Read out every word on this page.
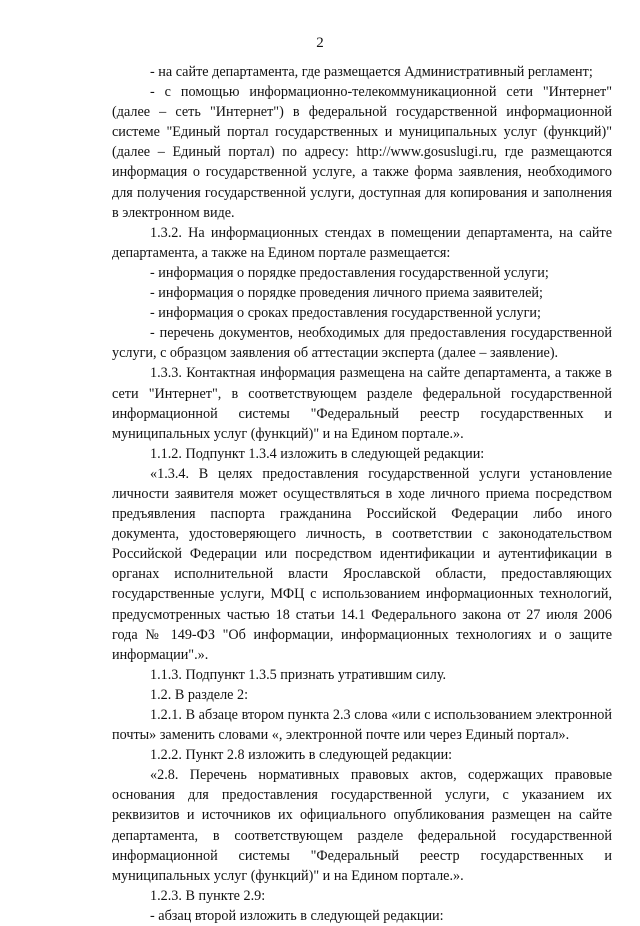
2

- на сайте департамента, где размещается Административный регламент;

- с помощью информационно-телекоммуникационной сети "Интернет" (далее – сеть "Интернет") в федеральной государственной информационной системе "Единый портал государственных и муниципальных услуг (функций)" (далее – Единый портал) по адресу: http://www.gosuslugi.ru, где размещаются информация о государственной услуге, а также форма заявления, необходимого для получения государственной услуги, доступная для копирования и заполнения в электронном виде.

1.3.2. На информационных стендах в помещении департамента, на сайте департамента, а также на Едином портале размещается:

- информация о порядке предоставления государственной услуги;

- информация о порядке проведения личного приема заявителей;

- информация о сроках предоставления государственной услуги;

- перечень документов, необходимых для предоставления государственной услуги, с образцом заявления об аттестации эксперта (далее – заявление).

1.3.3. Контактная информация размещена на сайте департамента, а также в сети "Интернет", в соответствующем разделе федеральной государственной информационной системы "Федеральный реестр государственных и муниципальных услуг (функций)" и на Едином портале.».

1.1.2. Подпункт 1.3.4 изложить в следующей редакции:

«1.3.4. В целях предоставления государственной услуги установление личности заявителя может осуществляться в ходе личного приема посредством предъявления паспорта гражданина Российской Федерации либо иного документа, удостоверяющего личность, в соответствии с законодательством Российской Федерации или посредством идентификации и аутентификации в органах исполнительной власти Ярославской области, предоставляющих государственные услуги, МФЦ с использованием информационных технологий, предусмотренных частью 18 статьи 14.1 Федерального закона от 27 июля 2006 года № 149-ФЗ "Об информации, информационных технологиях и о защите информации".».

1.1.3. Подпункт 1.3.5 признать утратившим силу.

1.2. В разделе 2:

1.2.1. В абзаце втором пункта 2.3 слова «или с использованием электронной почты» заменить словами «, электронной почте или через Единый портал».

1.2.2. Пункт 2.8 изложить в следующей редакции:

«2.8. Перечень нормативных правовых актов, содержащих правовые основания для предоставления государственной услуги, с указанием их реквизитов и источников их официального опубликования размещен на сайте департамента, в соответствующем разделе федеральной государственной информационной системы "Федеральный реестр государственных и муниципальных услуг (функций)" и на Едином портале.».

1.2.3. В пункте 2.9:

- абзац второй изложить в следующей редакции:
